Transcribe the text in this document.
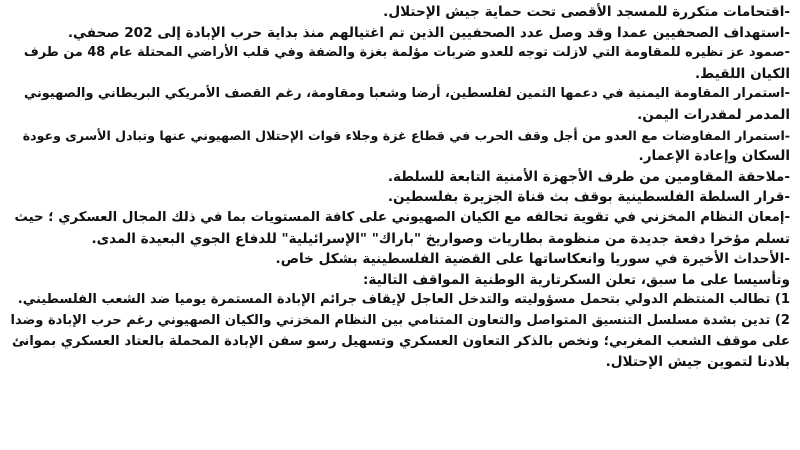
-اقتحامات متكررة للمسجد الأقصى تحت حماية جيش الإحتلال.

-استهداف الصحفيين عمدا وقد وصل عدد الصحفيين الذين تم اغتيالهم منذ بداية حرب الإبادة إلى 202 صحفي.

-صمود عز نظيره للمقاومة التي لازلت توجه للعدو ضربات مؤلمة بغزة والضفة وفي قلب الأراضي المحتلة عام 48 من طرف

الكيان اللقيط.

-استمرار المقاومة اليمنية في دعمها الثمين لفلسطين، أرضا وشعبا ومقاومة، رغم القصف الأمريكي البريطاني والصهيوني

المدمر لمقدرات اليمن.

-استمرار المفاوضات مع العدو من أجل وقف الحرب في قطاع غزة وجلاء قوات الإحتلال الصهيوني عنها وتبادل الأسرى وعودة

السكان وإعادة الإعمار.

-ملاحقة المقاومين من طرف الأجهزة الأمنية التابعة للسلطة.

-قرار السلطة الفلسطينية بوقف بث قناة الجزيرة بفلسطين.

-إمعان النظام المخزني في تقوية تحالفه مع الكيان الصهيوني على كافة المستويات بما في ذلك المجال العسكري ؛ حيث

تسلم مؤخرا دفعة جديدة من منظومة بطاريات وصواريخ "باراك" "الإسرائيلية" للدفاع الجوي البعيدة المدى.

-الأحداث الأخيرة في سوريا وانعكاساتها على القضية الفلسطينية بشكل خاص.

وتأسيسا على ما سبق، تعلن السكرتارية الوطنية المواقف التالية:

1) تطالب المنتظم الدولي بتحمل مسؤوليته والتدخل العاجل لإيقاف جرائم الإبادة المستمرة يوميا ضد الشعب الفلسطيني.

2) تدين بشدة مسلسل التنسيق المتواصل والتعاون المتنامي بين النظام المخزني والكيان الصهيوني رغم حرب الإبادة وضدا

على موقف الشعب المغربي؛ ونخص بالذكر التعاون العسكري وتسهيل رسو سفن الإبادة المحملة بالعتاد العسكري بموانئ

بلادنا لتموين جيش الإحتلال.
